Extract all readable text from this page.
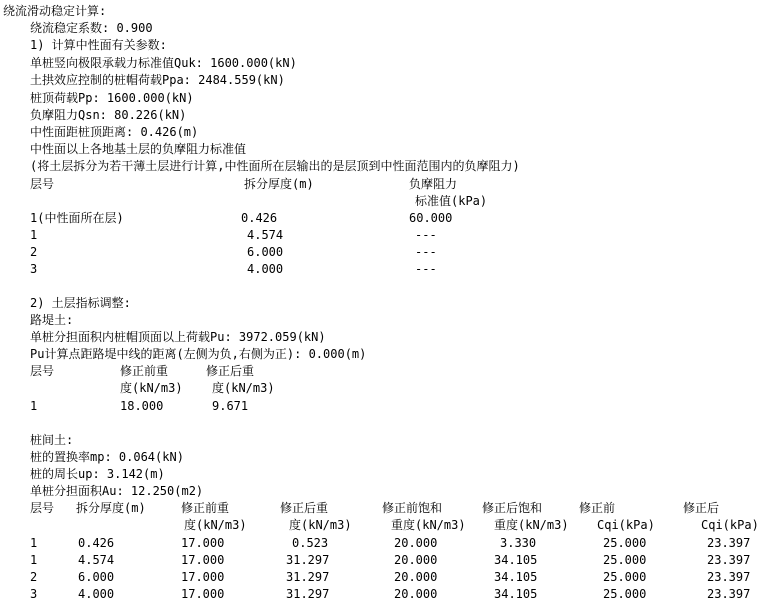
绕流滑动稳定计算:
绕流稳定系数: 0.900
1) 计算中性面有关参数:
单桩竖向极限承载力标准值Quk: 1600.000(kN)
土拱效应控制的桩帽荷载Ppa: 2484.559(kN)
桩顶荷载Pp: 1600.000(kN)
负摩阻力Qsn: 80.226(kN)
中性面距桩顶距离: 0.426(m)
中性面以上各地基土层的负摩阻力标准值
(将土层拆分为若干薄土层进行计算,中性面所在层输出的是层顶到中性面范围内的负摩阻力)
层号	拆分厚度(m)	负摩阻力
标准值(kPa)
1(中性面所在层)	0.426	60.000
1	4.574	---
2	6.000	---
3	4.000	---
2) 土层指标调整:
路堤土:
单桩分担面积内桩帽顶面以上荷载Pu: 3972.059(kN)
Pu计算点距路堤中线的距离(左侧为负,右侧为正): 0.000(m)
层号	修正前重	修正后重
度(kN/m3) 度(kN/m3)
1	18.000	9.671
桩间土:
桩的置换率mp: 0.064(kN)
桩的周长up: 3.142(m)
单桩分担面积Au: 12.250(m2)
层号 拆分厚度(m)	修正前重	修正后重	修正前饱和	修正后饱和	修正前	修正后
度(kN/m3)	度(kN/m3)	重度(kN/m3) 重度(kN/m3) Cqi(kPa)	Cqi(kPa)
1	0.426	17.000	0.523	20.000	3.330	25.000	23.397
1	4.574	17.000	31.297	20.000	34.105	25.000	23.397
2	6.000	17.000	31.297	20.000	34.105	25.000	23.397
3	4.000	17.000	31.297	20.000	34.105	25.000	23.397
